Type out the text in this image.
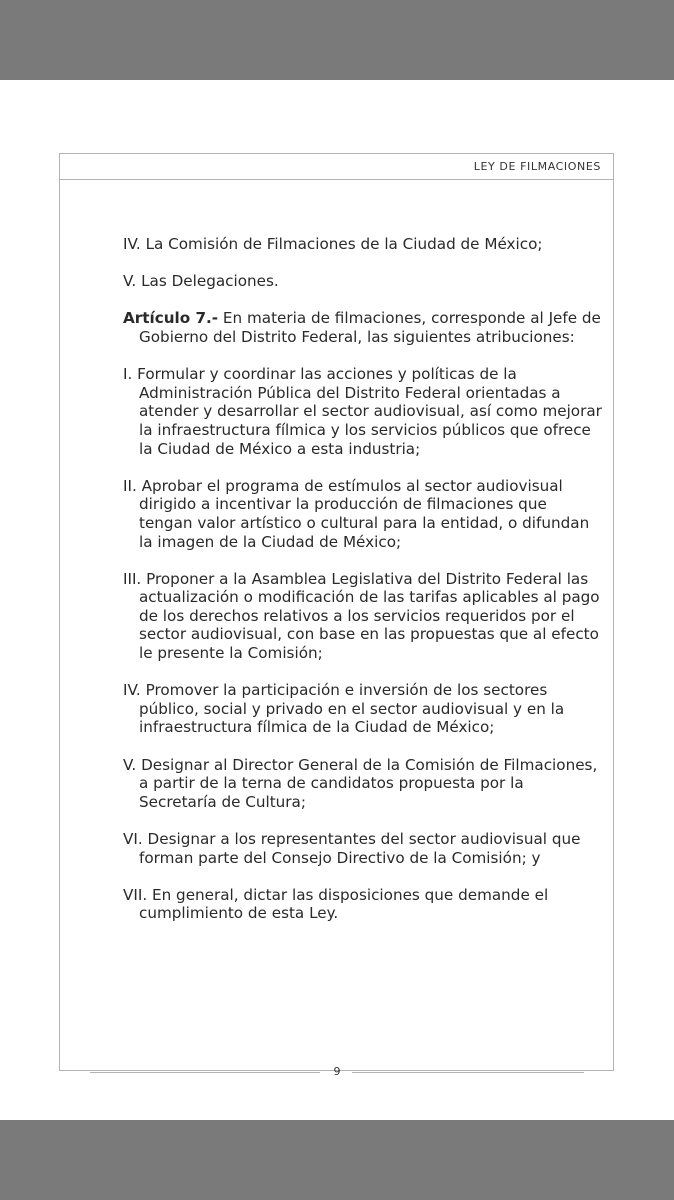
LEY DE FILMACIONES

IV. La Comisión de Filmaciones de la Ciudad de México;

V. Las Delegaciones.

Artículo 7.- En materia de filmaciones, corresponde al Jefe de Gobierno del Distrito Federal, las siguientes atribuciones:

I. Formular y coordinar las acciones y políticas de la Administración Pública del Distrito Federal orientadas a atender y desarrollar el sector audiovisual, así como mejorar la infraestructura fílmica y los servicios públicos que ofrece la Ciudad de México a esta industria;

II. Aprobar el programa de estímulos al sector audiovisual dirigido a incentivar la producción de filmaciones que tengan valor artístico o cultural para la entidad, o difundan la imagen de la Ciudad de México;

III. Proponer a la Asamblea Legislativa del Distrito Federal las actualización o modificación de las tarifas aplicables al pago de los derechos relativos a los servicios requeridos por el sector audiovisual, con base en las propuestas que al efecto le presente la Comisión;

IV. Promover la participación e inversión de los sectores público, social y privado en el sector audiovisual y en la infraestructura fílmica de la Ciudad de México;

V. Designar al Director General de la Comisión de Filmaciones, a partir de la terna de candidatos propuesta por la Secretaría de Cultura;

VI. Designar a los representantes del sector audiovisual que forman parte del Consejo Directivo de la Comisión; y

VII. En general, dictar las disposiciones que demande el cumplimiento de esta Ley.

9
